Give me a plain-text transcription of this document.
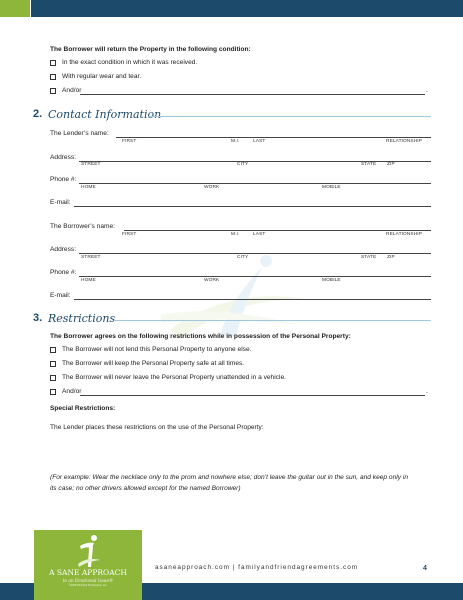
The Borrower will return the Property in the following condition:
In the exact condition in which it was received.
With regular wear and tear.
And/or	.
2. Contact Information
The Lender’s name:
FIRST	M.I.	LAST	RELATIONSHIP
Address:
STREET	CITY	STATE ZIP
Phone #:
HOME	WORK	MOBILE
E-mail:
The Borrower’s name:
FIRST	M.I.	LAST	RELATIONSHIP
Address:
STREET	CITY	STATE ZIP
Phone #:
HOME	WORK	MOBILE
E-mail:
3. Restrictions
The Borrower agrees on the following restrictions while in possession of the Personal Property:
The Borrower will not lend this Personal Property to anyone else.
The Borrower will keep the Personal Property safe at all times.
The Borrower will never leave the Personal Property unattended in a vehicle.
And/or	.
Special Restrictions:
The Lender places these restrictions on the use of the Personal Property:
(For example: Wear the necklace only to the prom and nowhere else; don’t leave the guitar out in the sun, and keep only in
its case; no other drivers allowed except for the named Borrower)
A SANE APPROACH
to an Emotional Issue®
©2008 Pitchfork Productions, Inc.
asaneapproach.com | familyandfriendagreements.com	4
